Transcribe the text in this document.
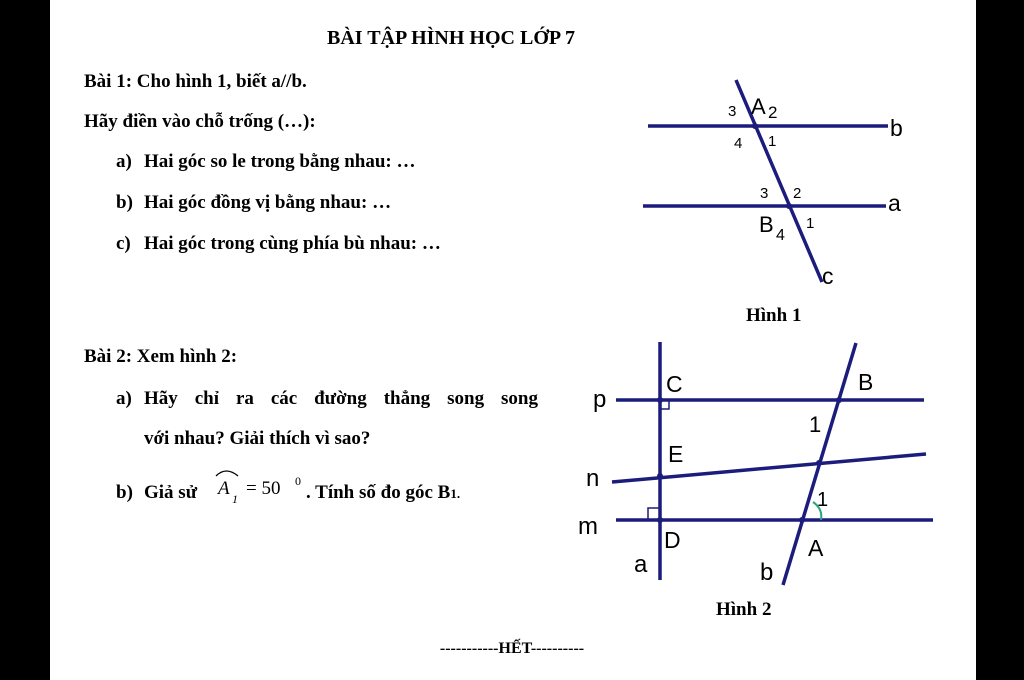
BÀI TẬP HÌNH HỌC LỚP 7
Bài 1: Cho hình 1, biết a//b.
Hãy điền vào chỗ trống (…):
a) Hai góc so le trong bằng nhau: …
b) Hai góc đồng vị bằng nhau: …
c) Hai góc trong cùng phía bù nhau: …
Bài 2: Xem hình 2:
a) Hãy chỉ ra các đường thẳng song song
với nhau? Giải thích vì sao?
b) Giả sử A 1 = 50 0
. Tính số đo góc B1.
b
a
c
A 2
3
4 1
B 4
3 2
1
Hình 1
p
n
m
a	b
C
E
D
B
A
1
1
Hình 2
-----------HẾT----------
